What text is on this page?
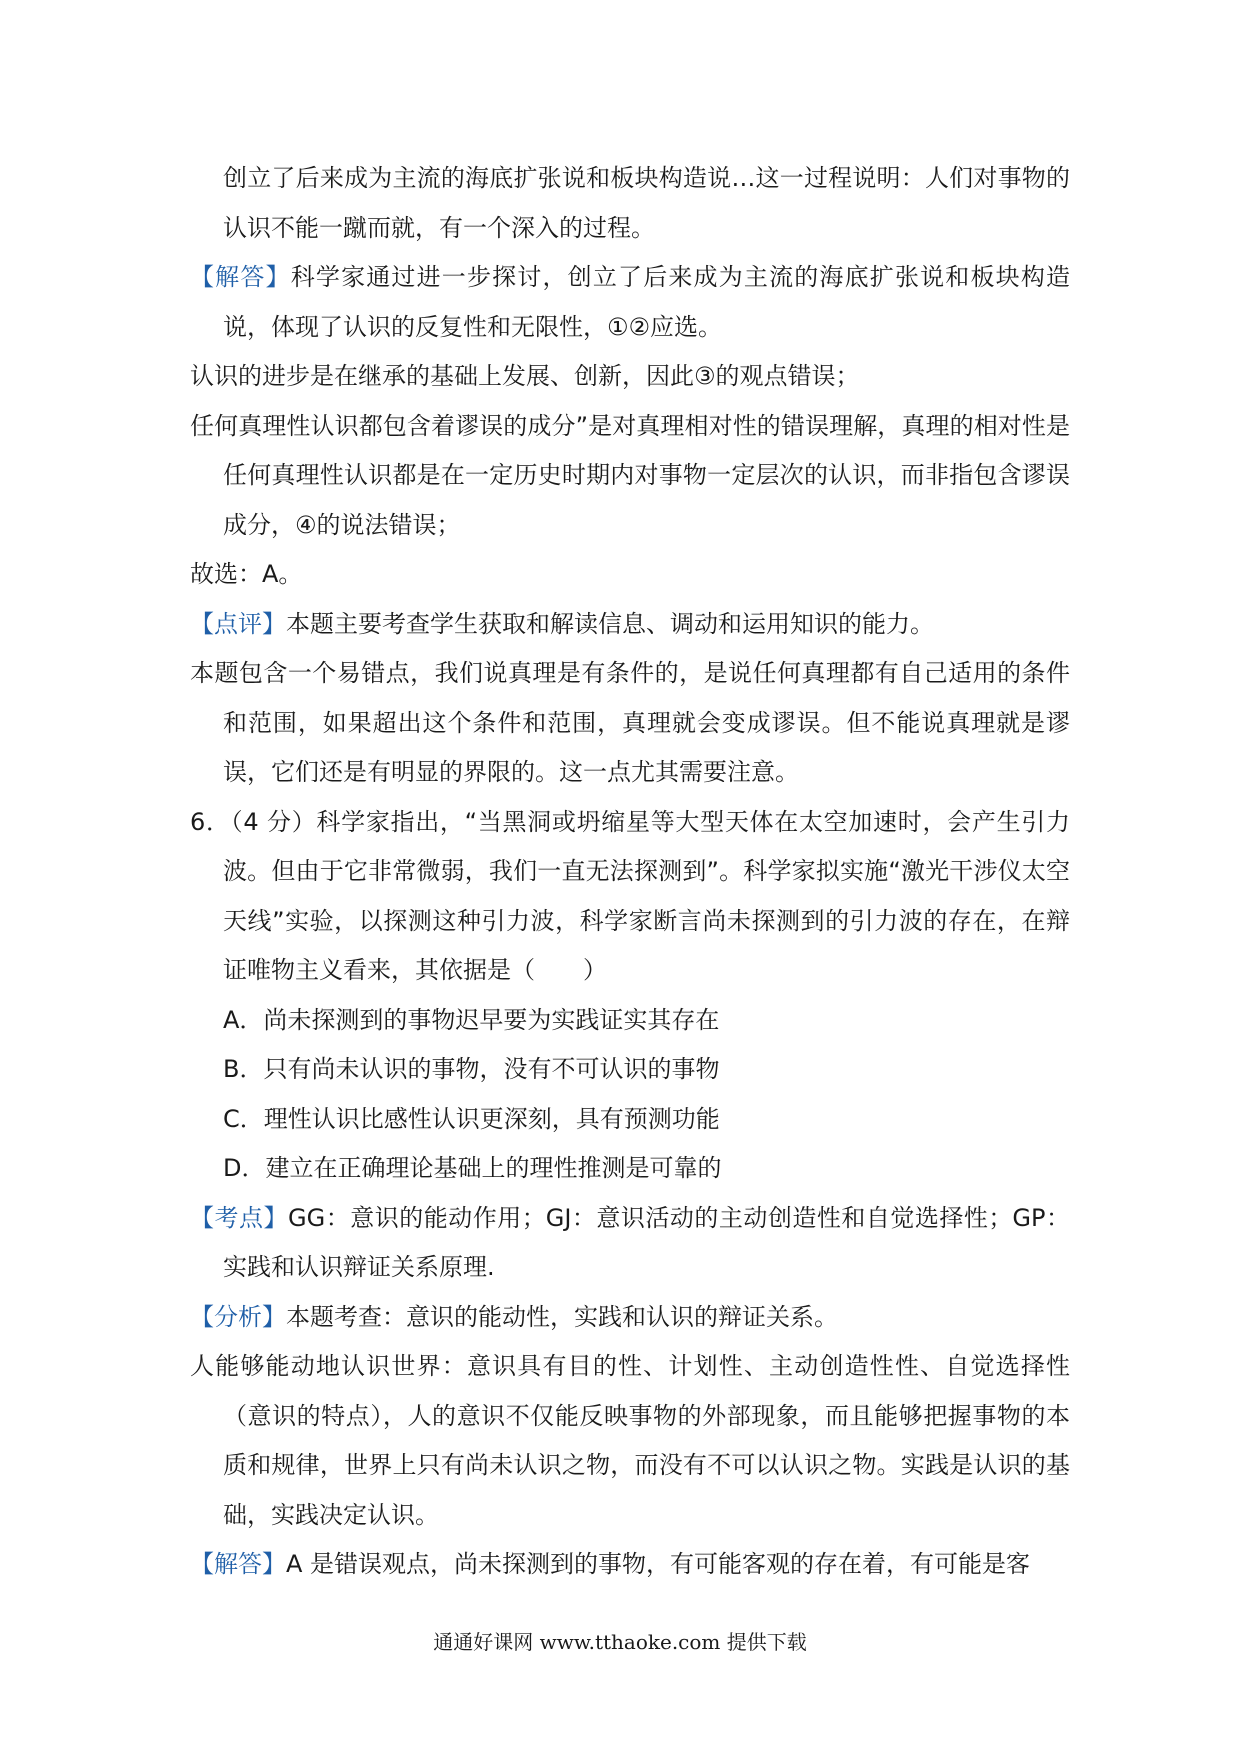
创立了后来成为主流的海底扩张说和板块构造说…这一过程说明：人们对事物的认识不能一蹴而就，有一个深入的过程。

【解答】科学家通过进一步探讨，创立了后来成为主流的海底扩张说和板块构造说，体现了认识的反复性和无限性，①②应选。

认识的进步是在继承的基础上发展、创新，因此③的观点错误；

任何真理性认识都包含着谬误的成分”是对真理相对性的错误理解，真理的相对性是任何真理性认识都是在一定历史时期内对事物一定层次的认识，而非指包含谬误成分，④的说法错误；

故选：A。

【点评】本题主要考查学生获取和解读信息、调动和运用知识的能力。

本题包含一个易错点，我们说真理是有条件的，是说任何真理都有自己适用的条件和范围，如果超出这个条件和范围，真理就会变成谬误。但不能说真理就是谬误，它们还是有明显的界限的。这一点尤其需要注意。

6．（4 分）科学家指出，“当黑洞或坍缩星等大型天体在太空加速时，会产生引力波。但由于它非常微弱，我们一直无法探测到”。科学家拟实施“激光干涉仪太空天线”实验，以探测这种引力波，科学家断言尚未探测到的引力波的存在，在辩证唯物主义看来，其依据是（　　）

A．尚未探测到的事物迟早要为实践证实其存在

B．只有尚未认识的事物，没有不可认识的事物

C．理性认识比感性认识更深刻，具有预测功能

D．建立在正确理论基础上的理性推测是可靠的

【考点】GG：意识的能动作用；GJ：意识活动的主动创造性和自觉选择性；GP：实践和认识辩证关系原理.

【分析】本题考查：意识的能动性，实践和认识的辩证关系。

人能够能动地认识世界：意识具有目的性、计划性、主动创造性性、自觉选择性（意识的特点），人的意识不仅能反映事物的外部现象，而且能够把握事物的本质和规律，世界上只有尚未认识之物，而没有不可以认识之物。实践是认识的基础，实践决定认识。

【解答】A 是错误观点，尚未探测到的事物，有可能客观的存在着，有可能是客

通通好课网 www.tthaoke.com 提供下载
